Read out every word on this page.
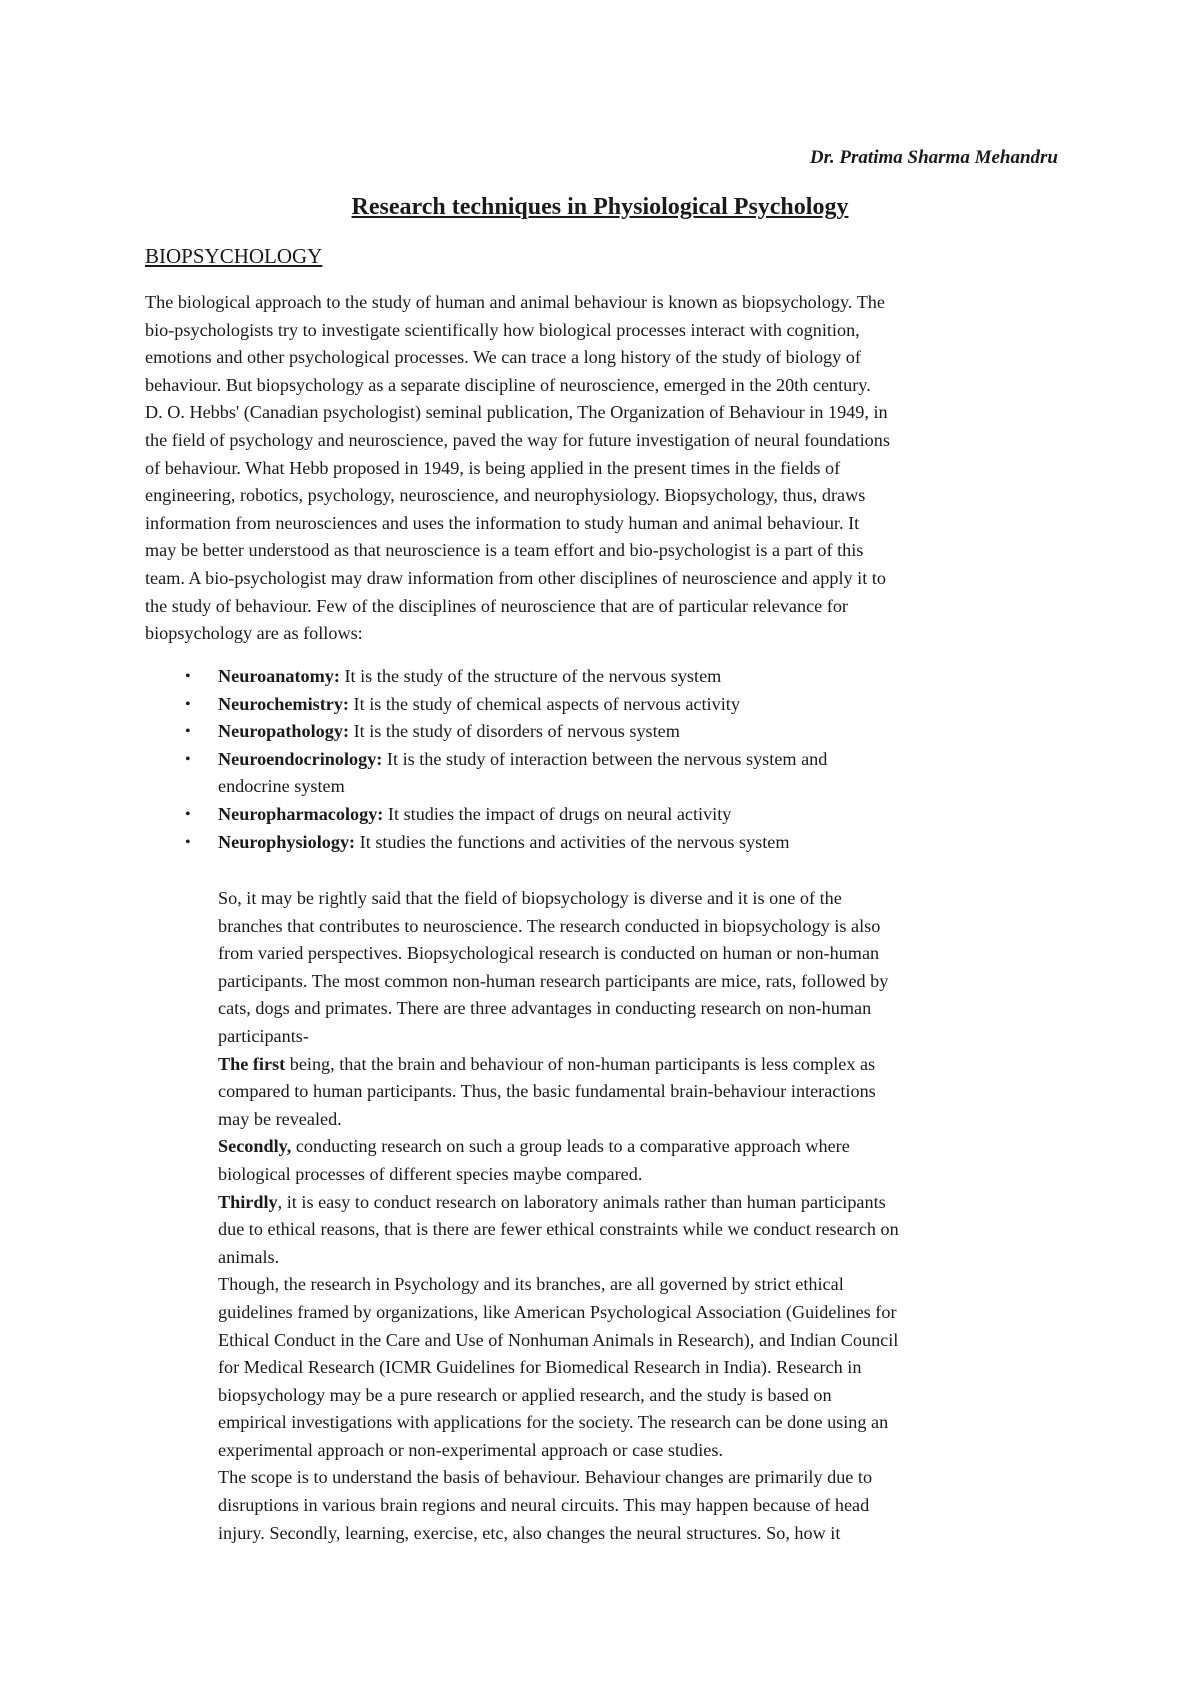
Dr. Pratima Sharma Mehandru
Research techniques in Physiological Psychology
BIOPSYCHOLOGY
The biological approach to the study of human and animal behaviour is known as biopsychology. The
bio-psychologists try to investigate scientifically how biological processes interact with cognition,
emotions and other psychological processes. We can trace a long history of the study of biology of
behaviour. But biopsychology as a separate discipline of neuroscience, emerged in the 20th century.
D. O. Hebbs' (Canadian psychologist) seminal publication, The Organization of Behaviour in 1949, in
the field of psychology and neuroscience, paved the way for future investigation of neural foundations
of behaviour. What Hebb proposed in 1949, is being applied in the present times in the fields of
engineering, robotics, psychology, neuroscience, and neurophysiology. Biopsychology, thus, draws
information from neurosciences and uses the information to study human and animal behaviour. It
may be better understood as that neuroscience is a team effort and bio-psychologist is a part of this
team. A bio-psychologist may draw information from other disciplines of neuroscience and apply it to
the study of behaviour. Few of the disciplines of neuroscience that are of particular relevance for
biopsychology are as follows:
• Neuroanatomy: It is the study of the structure of the nervous system
• Neurochemistry: It is the study of chemical aspects of nervous activity
• Neuropathology: It is the study of disorders of nervous system
• Neuroendocrinology: It is the study of interaction between the nervous system and
endocrine system
• Neuropharmacology: It studies the impact of drugs on neural activity
• Neurophysiology: It studies the functions and activities of the nervous system
So, it may be rightly said that the field of biopsychology is diverse and it is one of the
branches that contributes to neuroscience. The research conducted in biopsychology is also
from varied perspectives. Biopsychological research is conducted on human or non-human
participants. The most common non-human research participants are mice, rats, followed by
cats, dogs and primates. There are three advantages in conducting research on non-human
participants-
The first being, that the brain and behaviour of non-human participants is less complex as
compared to human participants. Thus, the basic fundamental brain-behaviour interactions
may be revealed.
Secondly, conducting research on such a group leads to a comparative approach where
biological processes of different species maybe compared.
Thirdly, it is easy to conduct research on laboratory animals rather than human participants
due to ethical reasons, that is there are fewer ethical constraints while we conduct research on
animals.
Though, the research in Psychology and its branches, are all governed by strict ethical
guidelines framed by organizations, like American Psychological Association (Guidelines for
Ethical Conduct in the Care and Use of Nonhuman Animals in Research), and Indian Council
for Medical Research (ICMR Guidelines for Biomedical Research in India). Research in
biopsychology may be a pure research or applied research, and the study is based on
empirical investigations with applications for the society. The research can be done using an
experimental approach or non-experimental approach or case studies.
The scope is to understand the basis of behaviour. Behaviour changes are primarily due to
disruptions in various brain regions and neural circuits. This may happen because of head
injury. Secondly, learning, exercise, etc, also changes the neural structures. So, how it
